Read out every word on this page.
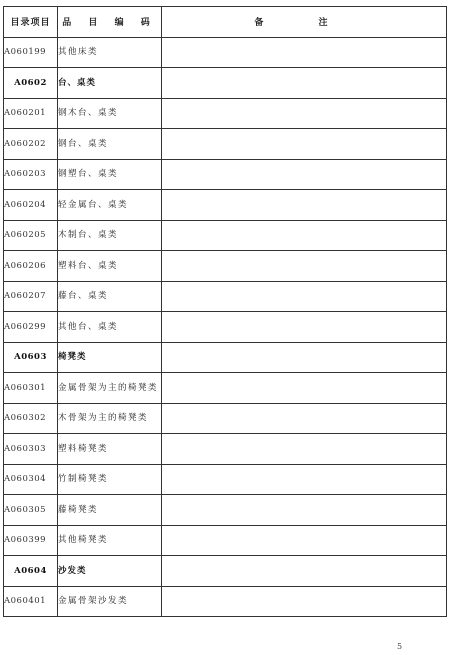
目录项目	品 目 编 码	备 注
A060199	其他床类	
A0602	台、桌类	
A060201	钢木台、桌类	
A060202	钢台、桌类	
A060203	钢塑台、桌类	
A060204	轻金属台、桌类	
A060205	木制台、桌类	
A060206	塑料台、桌类	
A060207	藤台、桌类	
A060299	其他台、桌类	
A0603	椅凳类	
A060301	金属骨架为主的椅凳类	
A060302	木骨架为主的椅凳类	
A060303	塑料椅凳类	
A060304	竹制椅凳类	
A060305	藤椅凳类	
A060399	其他椅凳类	
A0604	沙发类	
A060401	金属骨架沙发类	
5
